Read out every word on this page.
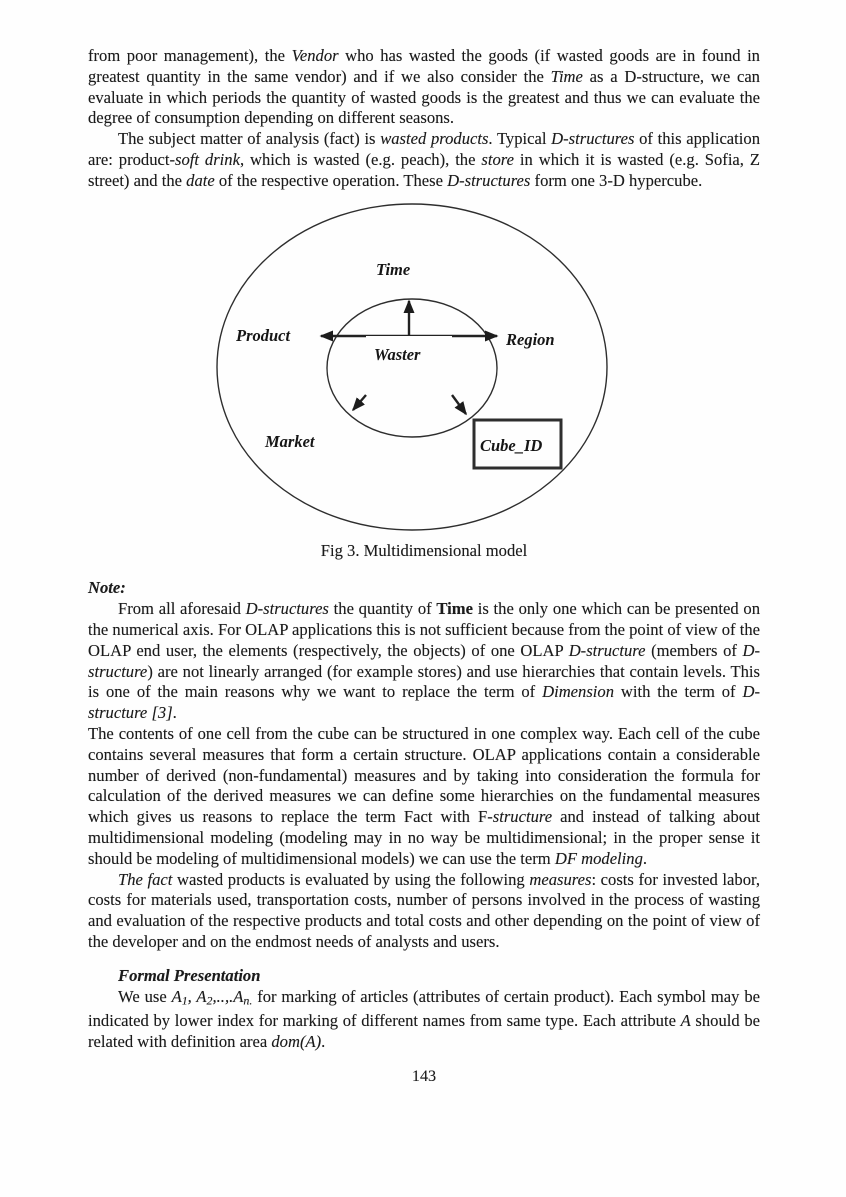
from poor management), the Vendor who has wasted the goods (if wasted goods are in found in greatest quantity in the same vendor) and if we also consider the Time as a D-structure, we can evaluate in which periods the quantity of wasted goods is the greatest and thus we can evaluate the degree of consumption depending on different seasons.

The subject matter of analysis (fact) is wasted products. Typical D-structures of this application are: product-soft drink, which is wasted (e.g. peach), the store in which it is wasted (e.g. Sofia, Z street) and the date of the respective operation. These D-structures form one 3-D hypercube.

Time
Product	Region
Waster
Market	Cube_ID
Fig 3. Multidimensional model

Note:

From all aforesaid D-structures the quantity of Time is the only one which can be presented on the numerical axis. For OLAP applications this is not sufficient because from the point of view of the OLAP end user, the elements (respectively, the objects) of one OLAP D-structure (members of D-structure) are not linearly arranged (for example stores) and use hierarchies that contain levels. This is one of the main reasons why we want to replace the term of Dimension with the term of D-structure [3].

The contents of one cell from the cube can be structured in one complex way. Each cell of the cube contains several measures that form a certain structure. OLAP applications contain a considerable number of derived (non-fundamental) measures and by taking into consideration the formula for calculation of the derived measures we can define some hierarchies on the fundamental measures which gives us reasons to replace the term Fact with F-structure and instead of talking about multidimensional modeling (modeling may in no way be multidimensional; in the proper sense it should be modeling of multidimensional models) we can use the term DF modeling.

The fact wasted products is evaluated by using the following measures: costs for invested labor, costs for materials used, transportation costs, number of persons involved in the process of wasting and evaluation of the respective products and total costs and other depending on the point of view of the developer and on the endmost needs of analysts and users.

Formal Presentation

We use A1, A2,..,.An. for marking of articles (attributes of certain product). Each symbol may be indicated by lower index for marking of different names from same type. Each attribute A should be related with definition area dom(A).

143
